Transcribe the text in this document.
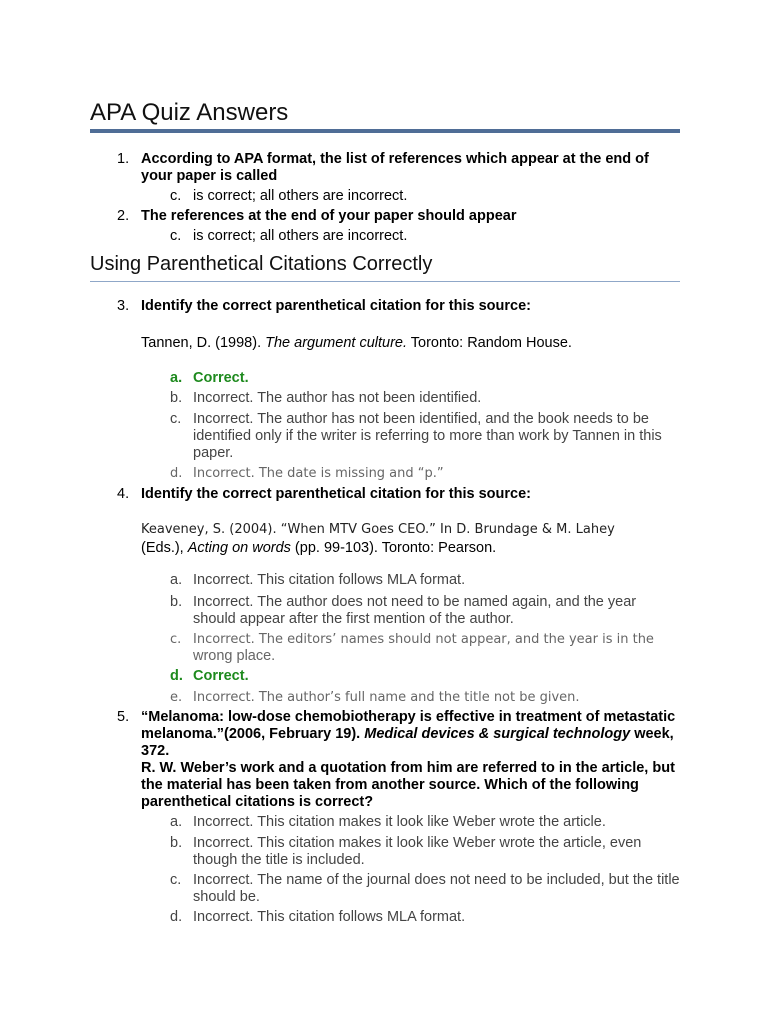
APA Quiz Answers
1. According to APA format, the list of references which appear at the end of
your paper is called
c. is correct; all others are incorrect.
2. The references at the end of your paper should appear
c. is correct; all others are incorrect.
Using Parenthetical Citations Correctly
3. Identify the correct parenthetical citation for this source:
Tannen, D. (1998). The argument culture. Toronto: Random House.
a. Correct.
b. Incorrect. The author has not been identified.
c. Incorrect. The author has not been identified, and the book needs to be
identified only if the writer is referring to more than work by Tannen in this
paper.
d. Incorrect. The date is missing and “p.”
4. Identify the correct parenthetical citation for this source:
Keaveney, S. (2004). “When MTV Goes CEO.” In D. Brundage & M. Lahey
(Eds.), Acting on words (pp. 99-103). Toronto: Pearson.
a. Incorrect. This citation follows MLA format.
b. Incorrect. The author does not need to be named again, and the year
should appear after the first mention of the author.
c. Incorrect. The editors’ names should not appear, and the year is in the
wrong place.
d. Correct.
e. Incorrect. The author’s full name and the title not be given.
5. “Melanoma: low-dose chemobiotherapy is effective in treatment of metastatic
melanoma.”(2006, February 19). Medical devices & surgical technology week,
372.
R. W. Weber’s work and a quotation from him are referred to in the article, but
the material has been taken from another source. Which of the following
parenthetical citations is correct?
a. Incorrect. This citation makes it look like Weber wrote the article.
b. Incorrect. This citation makes it look like Weber wrote the article, even
though the title is included.
c. Incorrect. The name of the journal does not need to be included, but the title
should be.
d. Incorrect. This citation follows MLA format.
